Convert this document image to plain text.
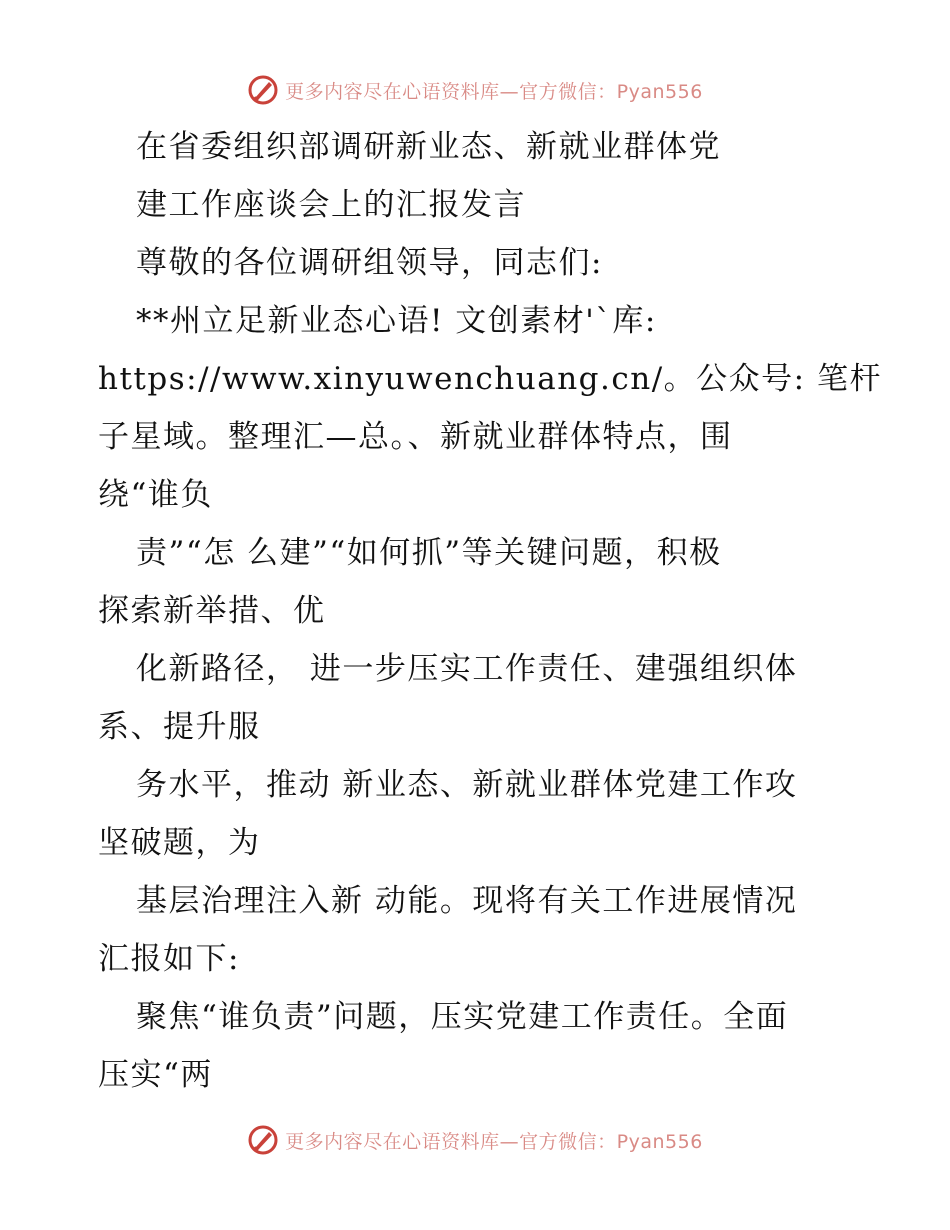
更多内容尽在心语资料库—官方微信：Pyan556
在省委组织部调研新业态、新就业群体党
建工作座谈会上的汇报发言
尊敬的各位调研组领导，同志们:
**州立足新业态心语! 文创素材'`库:
https://www.xinyuwenchuang.cn/。公众号: 笔杆
子星域。整理汇—总。、新就业群体特点，围
绕“谁负
责”“怎 么建”“如何抓”等关键问题，积极
探索新举措、优
化新路径， 进一步压实工作责任、建强组织体
系、提升服
务水平，推动 新业态、新就业群体党建工作攻
坚破题，为
基层治理注入新 动能。现将有关工作进展情况
汇报如下:
聚焦“谁负责”问题，压实党建工作责任。全面
压实“两
更多内容尽在心语资料库—官方微信：Pyan556
